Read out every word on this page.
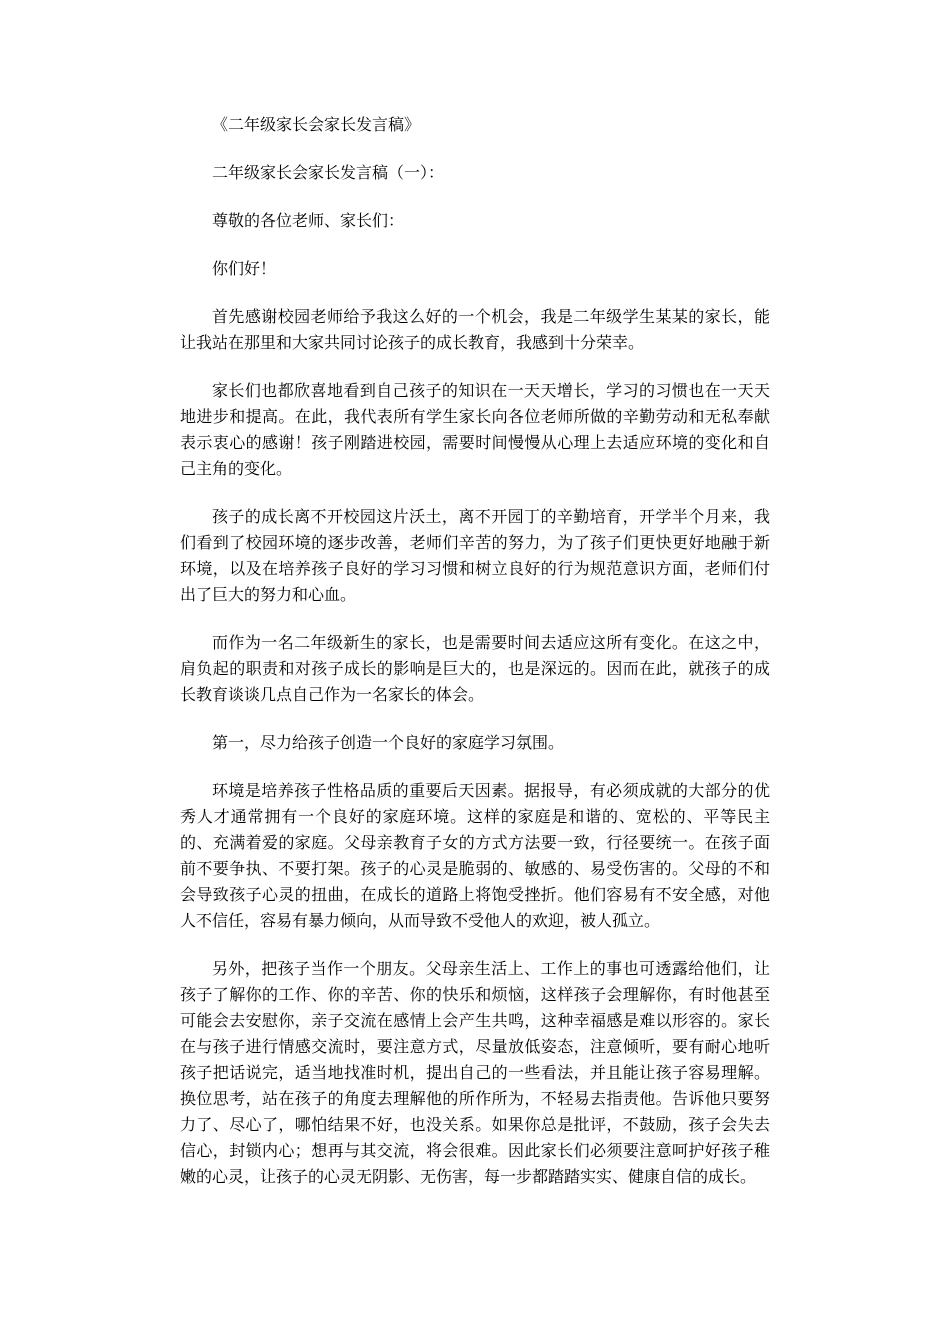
《二年级家长会家长发言稿》

二年级家长会家长发言稿（一）：

尊敬的各位老师、家长们：

你们好！

首先感谢校园老师给予我这么好的一个机会，我是二年级学生某某的家长，能让我站在那里和大家共同讨论孩子的成长教育，我感到十分荣幸。

家长们也都欣喜地看到自己孩子的知识在一天天增长，学习的习惯也在一天天地进步和提高。在此，我代表所有学生家长向各位老师所做的辛勤劳动和无私奉献表示衷心的感谢！孩子刚踏进校园，需要时间慢慢从心理上去适应环境的变化和自己主角的变化。

孩子的成长离不开校园这片沃土，离不开园丁的辛勤培育，开学半个月来，我们看到了校园环境的逐步改善，老师们辛苦的努力，为了孩子们更快更好地融于新环境，以及在培养孩子良好的学习习惯和树立良好的行为规范意识方面，老师们付出了巨大的努力和心血。

而作为一名二年级新生的家长，也是需要时间去适应这所有变化。在这之中，肩负起的职责和对孩子成长的影响是巨大的，也是深远的。因而在此，就孩子的成长教育谈谈几点自己作为一名家长的体会。

第一，尽力给孩子创造一个良好的家庭学习氛围。

环境是培养孩子性格品质的重要后天因素。据报导，有必须成就的大部分的优秀人才通常拥有一个良好的家庭环境。这样的家庭是和谐的、宽松的、平等民主的、充满着爱的家庭。父母亲教育子女的方式方法要一致，行径要统一。在孩子面前不要争执、不要打架。孩子的心灵是脆弱的、敏感的、易受伤害的。父母的不和会导致孩子心灵的扭曲，在成长的道路上将饱受挫折。他们容易有不安全感，对他人不信任，容易有暴力倾向，从而导致不受他人的欢迎，被人孤立。

另外，把孩子当作一个朋友。父母亲生活上、工作上的事也可透露给他们，让孩子了解你的工作、你的辛苦、你的快乐和烦恼，这样孩子会理解你，有时他甚至可能会去安慰你，亲子交流在感情上会产生共鸣，这种幸福感是难以形容的。家长在与孩子进行情感交流时，要注意方式，尽量放低姿态，注意倾听，要有耐心地听孩子把话说完，适当地找准时机，提出自己的一些看法，并且能让孩子容易理解。换位思考，站在孩子的角度去理解他的所作所为，不轻易去指责他。告诉他只要努力了、尽心了，哪怕结果不好，也没关系。如果你总是批评，不鼓励，孩子会失去信心，封锁内心；想再与其交流，将会很难。因此家长们必须要注意呵护好孩子稚嫩的心灵，让孩子的心灵无阴影、无伤害，每一步都踏踏实实、健康自信的成长。
